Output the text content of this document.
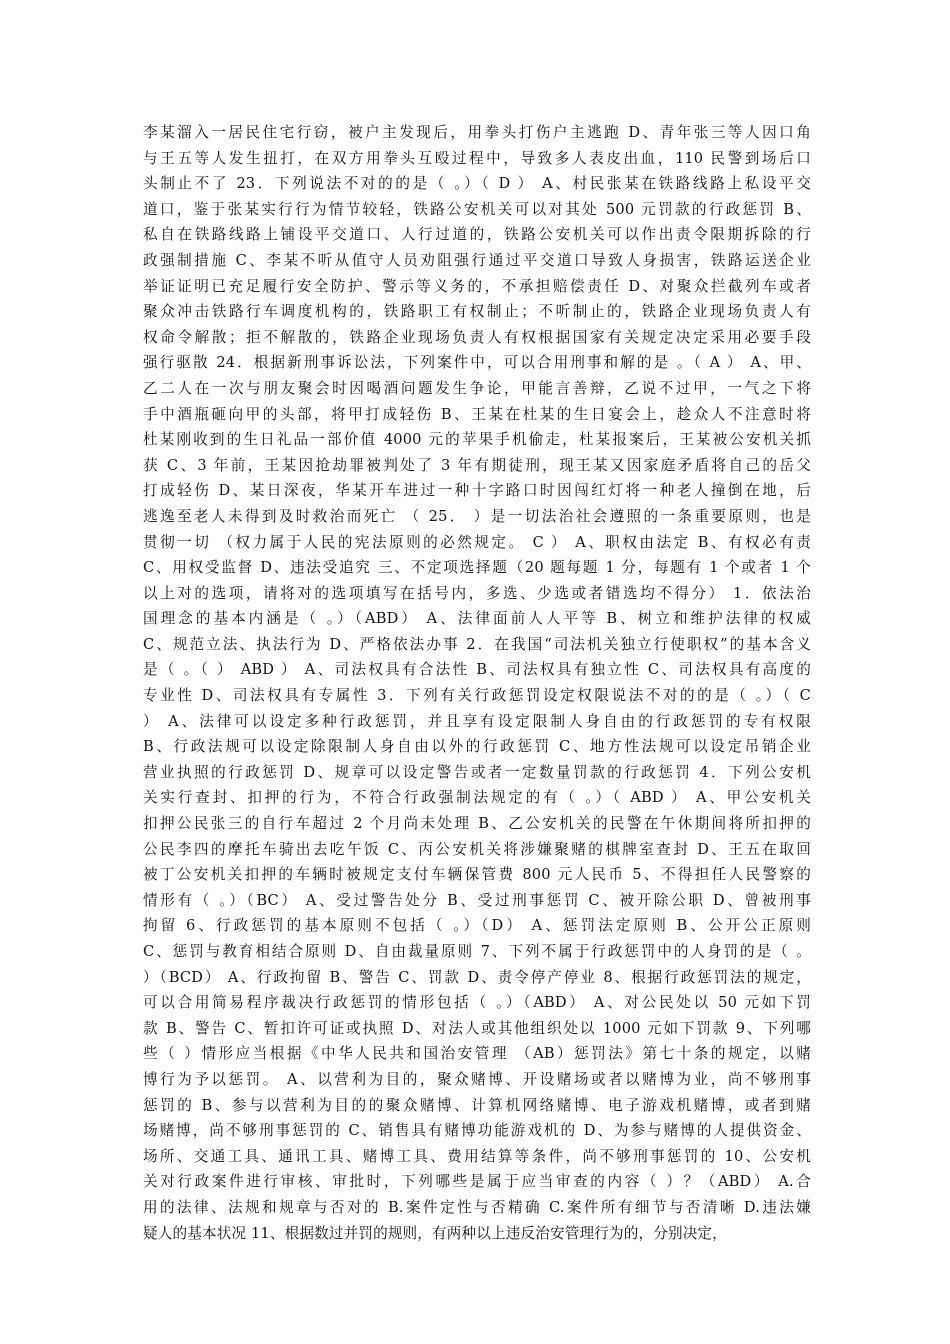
李某溜入一居民住宅行窃，被户主发现后，用拳头打伤户主逃跑 D、青年张三等人因口角
与王五等人发生扭打，在双方用拳头互殴过程中，导致多人表皮出血，110 民警到场后口
头制止不了 23．下列说法不对的的是（ 。）（ D ） A、村民张某在铁路线路上私设平交
道口，鉴于张某实行行为情节较轻，铁路公安机关可以对其处 500 元罚款的行政惩罚 B、
私自在铁路线路上铺设平交道口、人行过道的，铁路公安机关可以作出责令限期拆除的行
政强制措施 C、李某不听从值守人员劝阻强行通过平交道口导致人身损害，铁路运送企业
举证证明已充足履行安全防护、警示等义务的，不承担赔偿责任 D、对聚众拦截列车或者
聚众冲击铁路行车调度机构的，铁路职工有权制止；不听制止的，铁路企业现场负责人有
权命令解散；拒不解散的，铁路企业现场负责人有权根据国家有关规定决定采用必要手段
强行驱散 24．根据新刑事诉讼法，下列案件中，可以合用刑事和解的是 。（ A ） A、甲、
乙二人在一次与朋友聚会时因喝酒问题发生争论，甲能言善辩，乙说不过甲，一气之下将
手中酒瓶砸向甲的头部，将甲打成轻伤 B、王某在杜某的生日宴会上，趁众人不注意时将
杜某刚收到的生日礼品一部价值 4000 元的苹果手机偷走，杜某报案后，王某被公安机关抓
获 C、3 年前，王某因抢劫罪被判处了 3 年有期徒刑，现王某又因家庭矛盾将自己的岳父
打成轻伤 D、某日深夜，华某开车进过一种十字路口时因闯红灯将一种老人撞倒在地，后
逃逸至老人未得到及时救治而死亡 （ 25． ）是一切法治社会遵照的一条重要原则，也是
贯彻一切 （权力属于人民的宪法原则的必然规定。 C ） A、职权由法定 B、有权必有责
C、用权受监督 D、违法受追究 三、不定项选择题（20 题每题 1 分，每题有 1 个或者 1 个
以上对的选项，请将对的选项填写在括号内，多选、少选或者错选均不得分） 1．依法治
国理念的基本内涵是（ 。）（ABD） A、法律面前人人平等 B、树立和维护法律的权威
C、规范立法、执法行为 D、严格依法办事 2．在我国“司法机关独立行使职权”的基本含义
是（ 。（ ） ABD ） A、司法权具有合法性 B、司法权具有独立性 C、司法权具有高度的
专业性 D、司法权具有专属性 3．下列有关行政惩罚设定权限说法不对的的是（ 。）（ C
） A、法律可以设定多种行政惩罚，并且享有设定限制人身自由的行政惩罚的专有权限
B、行政法规可以设定除限制人身自由以外的行政惩罚 C、地方性法规可以设定吊销企业
营业执照的行政惩罚 D、规章可以设定警告或者一定数量罚款的行政惩罚 4．下列公安机
关实行查封、扣押的行为，不符合行政强制法规定的有（ 。）（ ABD ） A、甲公安机关
扣押公民张三的自行车超过 2 个月尚未处理 B、乙公安机关的民警在午休期间将所扣押的
公民李四的摩托车骑出去吃午饭 C、丙公安机关将涉嫌聚赌的棋牌室查封 D、王五在取回
被丁公安机关扣押的车辆时被规定支付车辆保管费 800 元人民币 5、不得担任人民警察的
情形有（ 。）（BC） A、受过警告处分 B、受过刑事惩罚 C、被开除公职 D、曾被刑事
拘留 6、行政惩罚的基本原则不包括（ 。）（D） A、惩罚法定原则 B、公开公正原则
C、惩罚与教育相结合原则 D、自由裁量原则 7、下列不属于行政惩罚中的人身罚的是（ 。
）（BCD） A、行政拘留 B、警告 C、罚款 D、责令停产停业 8、根据行政惩罚法的规定，
可以合用简易程序裁决行政惩罚的情形包括（ 。）（ABD） A、对公民处以 50 元如下罚
款 B、警告 C、暂扣许可证或执照 D、对法人或其他组织处以 1000 元如下罚款 9、下列哪
些（ ）情形应当根据《中华人民共和国治安管理 （AB）惩罚法》第七十条的规定，以赌
博行为予以惩罚。 A、以营利为目的，聚众赌博、开设赌场或者以赌博为业，尚不够刑事
惩罚的 B、参与以营利为目的的聚众赌博、计算机网络赌博、电子游戏机赌博，或者到赌
场赌博，尚不够刑事惩罚的 C、销售具有赌博功能游戏机的 D、为参与赌博的人提供资金、
场所、交通工具、通讯工具、赌博工具、费用结算等条件，尚不够刑事惩罚的 10、公安机
关对行政案件进行审核、审批时，下列哪些是属于应当审查的内容（ ）？（ABD） A.合
用的法律、法规和规章与否对的 B.案件定性与否精确 C.案件所有细节与否清晰 D.违法嫌
疑人的基本状况 11、根据数过并罚的规则，有两种以上违反治安管理行为的，分别决定，
